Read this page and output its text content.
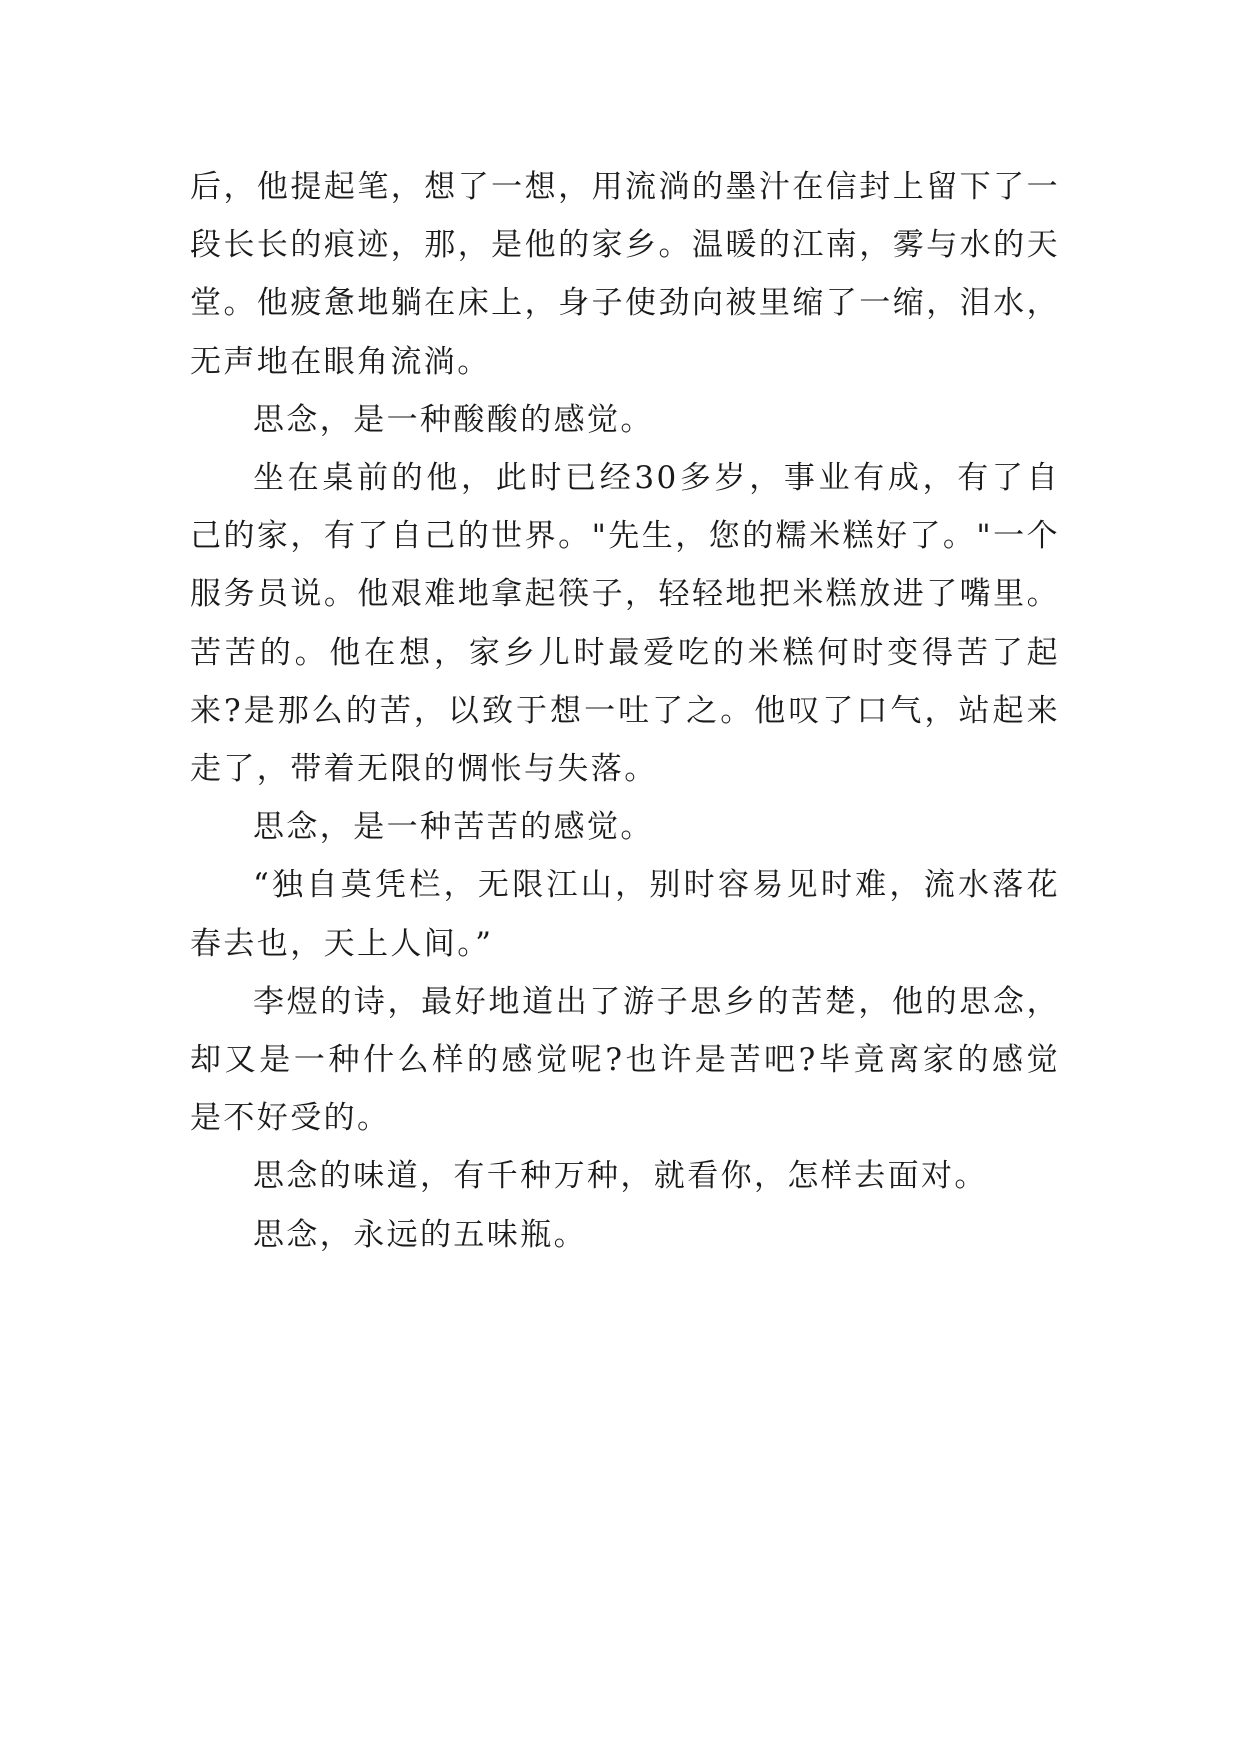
后，他提起笔，想了一想，用流淌的墨汁在信封上留下了一段长长的痕迹，那，是他的家乡。温暖的江南，雾与水的天堂。他疲惫地躺在床上，身子使劲向被里缩了一缩，泪水，无声地在眼角流淌。

思念，是一种酸酸的感觉。

坐在桌前的他，此时已经30多岁，事业有成，有了自己的家，有了自己的世界。"先生，您的糯米糕好了。"一个服务员说。他艰难地拿起筷子，轻轻地把米糕放进了嘴里。苦苦的。他在想，家乡儿时最爱吃的米糕何时变得苦了起来?是那么的苦，以致于想一吐了之。他叹了口气，站起来走了，带着无限的惆怅与失落。

思念，是一种苦苦的感觉。

“独自莫凭栏，无限江山，别时容易见时难，流水落花春去也，天上人间。”

李煜的诗，最好地道出了游子思乡的苦楚，他的思念，却又是一种什么样的感觉呢?也许是苦吧?毕竟离家的感觉是不好受的。

思念的味道，有千种万种，就看你，怎样去面对。

思念，永远的五味瓶。
